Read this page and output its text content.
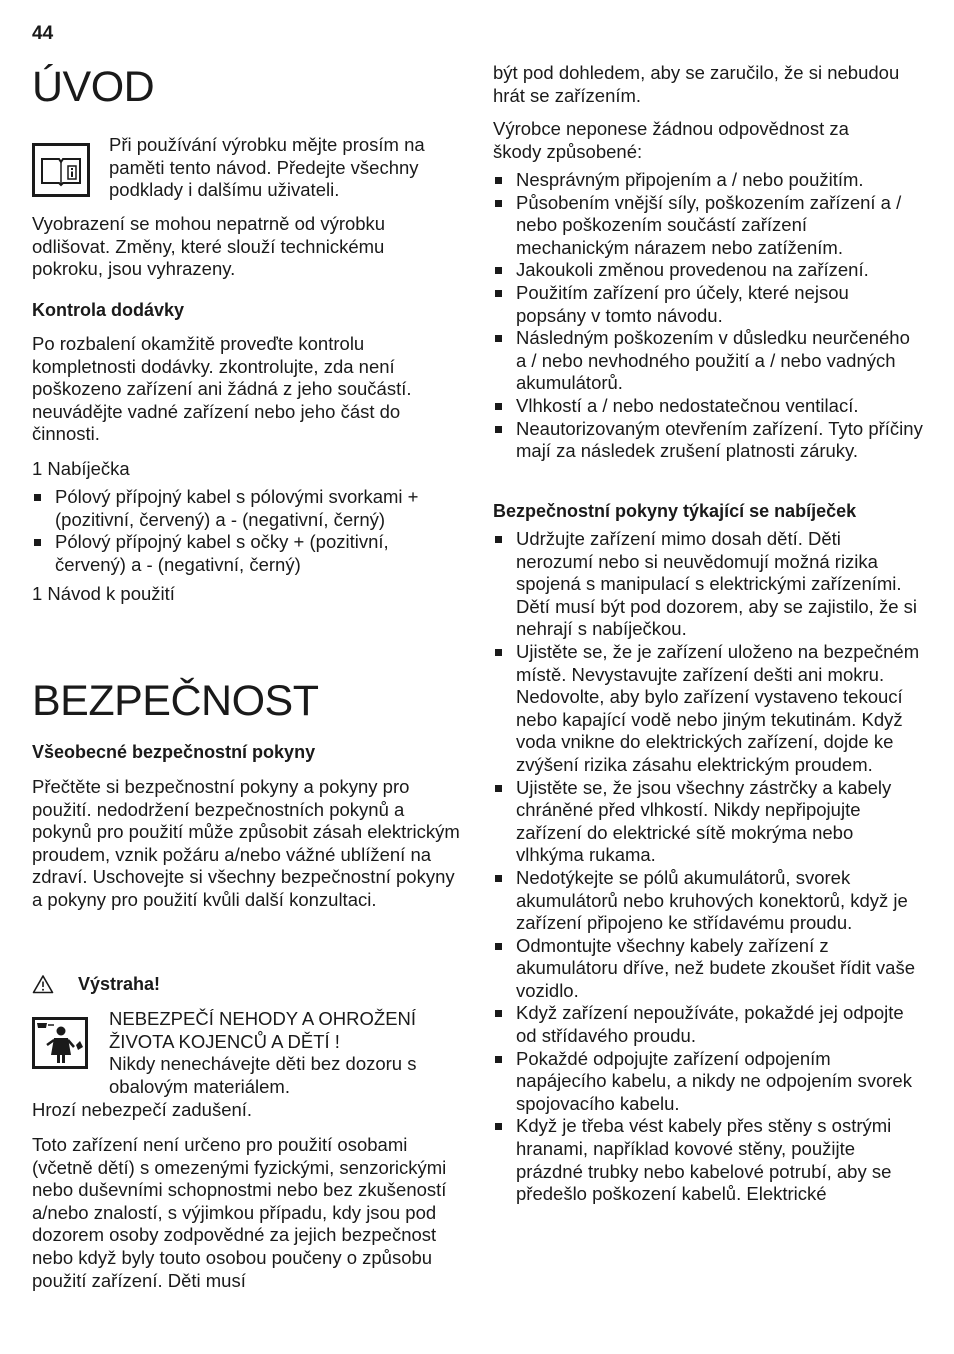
44
ÚVOD

Při používání výrobku mějte prosím na paměti tento návod. Předejte všechny podklady i dalšímu uživateli.

Vyobrazení se mohou nepatrně od výrobku odlišovat. Změny, které slouží technickému pokroku, jsou vyhrazeny.

Kontrola dodávky

Po rozbalení okamžitě proveďte kontrolu kompletnosti dodávky. zkontrolujte, zda není poškozeno zařízení ani žádná z jeho součástí. neuvádějte vadné zařízení nebo jeho část do činnosti.

1 Nabíječka

Pólový přípojný kabel s pólovými svorkami + (pozitivní, červený) a - (negativní, černý)
Pólový přípojný kabel s očky + (pozitivní, červený) a - (negativní, černý)

1 Návod k použití

BEZPEČNOST

Všeobecné bezpečnostní pokyny

Přečtěte si bezpečnostní pokyny a pokyny pro použití. nedodržení bezpečnostních pokynů a pokynů pro použití může způsobit zásah elektrickým proudem, vznik požáru a/nebo vážné ublížení na zdraví. Uschovejte si všechny bezpečnostní pokyny a pokyny pro použití kvůli další konzultaci.

Výstraha!

NEBEZPEČÍ NEHODY A OHROŽENÍ ŽIVOTA KOJENCŮ A DĚTÍ !

Nikdy nenechávejte děti bez dozoru s obalovým materiálem.

Hrozí nebezpečí zadušení.

Toto zařízení není určeno pro použití osobami (včetně dětí) s omezenými fyzickými, senzorickými nebo duševními schopnostmi nebo bez zkušeností a/nebo znalostí, s výjimkou případu, kdy jsou pod dozorem osoby zodpovědné za jejich bezpečnost nebo když byly touto osobou poučeny o způsobu použití zařízení. Děti musí

být pod dohledem, aby se zaručilo, že si nebudou hrát se zařízením.

Výrobce neponese žádnou odpovědnost za škody způsobené:

Nesprávným připojením a / nebo použitím.
Působením vnější síly, poškozením zařízení a / nebo poškozením součástí zařízení mechanickým nárazem nebo zatížením.
Jakoukoli změnou provedenou na zařízení.
Použitím zařízení pro účely, které nejsou popsány v tomto návodu.
Následným poškozením v důsledku neurčeného a / nebo nevhodného použití a / nebo vadných akumulátorů.
Vlhkostí a / nebo nedostatečnou ventilací.
Neautorizovaným otevřením zařízení. Tyto příčiny mají za následek zrušení platnosti záruky.

Bezpečnostní pokyny týkající se nabíječek

Udržujte zařízení mimo dosah dětí. Děti nerozumí nebo si neuvědomují možná rizika spojená s manipulací s elektrickými zařízeními. Dětí musí být pod dozorem, aby se zajistilo, že si nehrají s nabíječkou.
Ujistěte se, že je zařízení uloženo na bezpečném místě. Nevystavujte zařízení dešti ani mokru. Nedovolte, aby bylo zařízení vystaveno tekoucí nebo kapající vodě nebo jiným tekutinám. Když voda vnikne do elektrických zařízení, dojde ke zvýšení rizika zásahu elektrickým proudem.
Ujistěte se, že jsou všechny zástrčky a kabely chráněné před vlhkostí. Nikdy nepřipojujte zařízení do elektrické sítě mokrýma nebo vlhkýma rukama.
Nedotýkejte se pólů akumulátorů, svorek akumulátorů nebo kruhových konektorů, když je zařízení připojeno ke střídavému proudu.
Odmontujte všechny kabely zařízení z akumulátoru dříve, než budete zkoušet řídit vaše vozidlo.
Když zařízení nepoužíváte, pokaždé jej odpojte od střídavého proudu.
Pokaždé odpojujte zařízení odpojením napájecího kabelu, a nikdy ne odpojením svorek spojovacího kabelu.
Když je třeba vést kabely přes stěny s ostrými hranami, například kovové stěny, použijte prázdné trubky nebo kabelové potrubí, aby se předešlo poškození kabelů. Elektrické
